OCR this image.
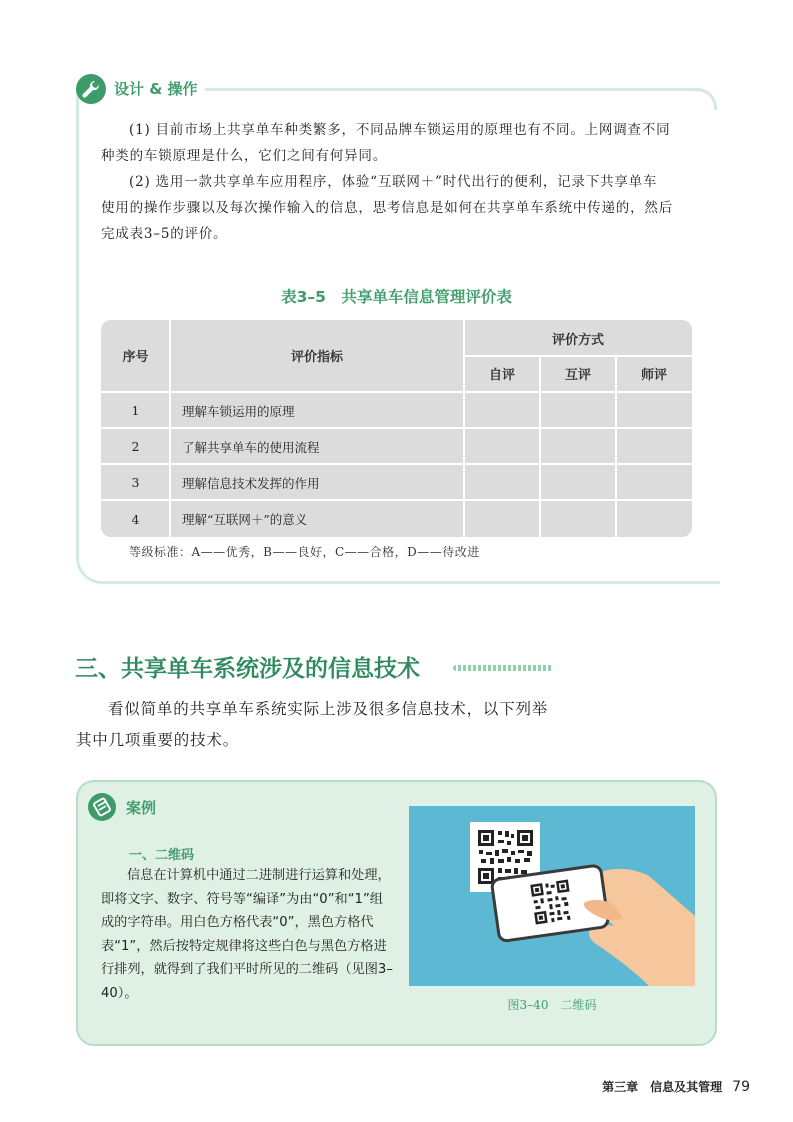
设计 & 操作
(1) 目前市场上共享单车种类繁多，不同品牌车锁运用的原理也有不同。上网调查不同
种类的车锁原理是什么，它们之间有何异同。
(2) 选用一款共享单车应用程序，体验“互联网＋”时代出行的便利，记录下共享单车
使用的操作步骤以及每次操作输入的信息，思考信息是如何在共享单车系统中传递的，然后
完成表3–5的评价。
表3–5　共享单车信息管理评价表
序号	评价指标
评价方式
自评	互评	师评
1	理解车锁运用的原理
2	了解共享单车的使用流程
3	理解信息技术发挥的作用
4	理解“互联网＋”的意义
等级标准：A——优秀，B——良好，C——合格，D——待改进
三、共享单车系统涉及的信息技术
看似简单的共享单车系统实际上涉及很多信息技术，以下列举
其中几项重要的技术。
案例
一、二维码
信息在计算机中通过二进制进行运算和处理，即将文字、数字、符号等“编译”为由“0”和“1”组成的字符串。用白色方格代表“0”，黑色方格代表“1”，然后按特定规律将这些白色与黑色方格进行排列，就得到了我们平时所见的二维码（见图3–40）。
图3–40　二维码
第三章　信息及其管理 79
